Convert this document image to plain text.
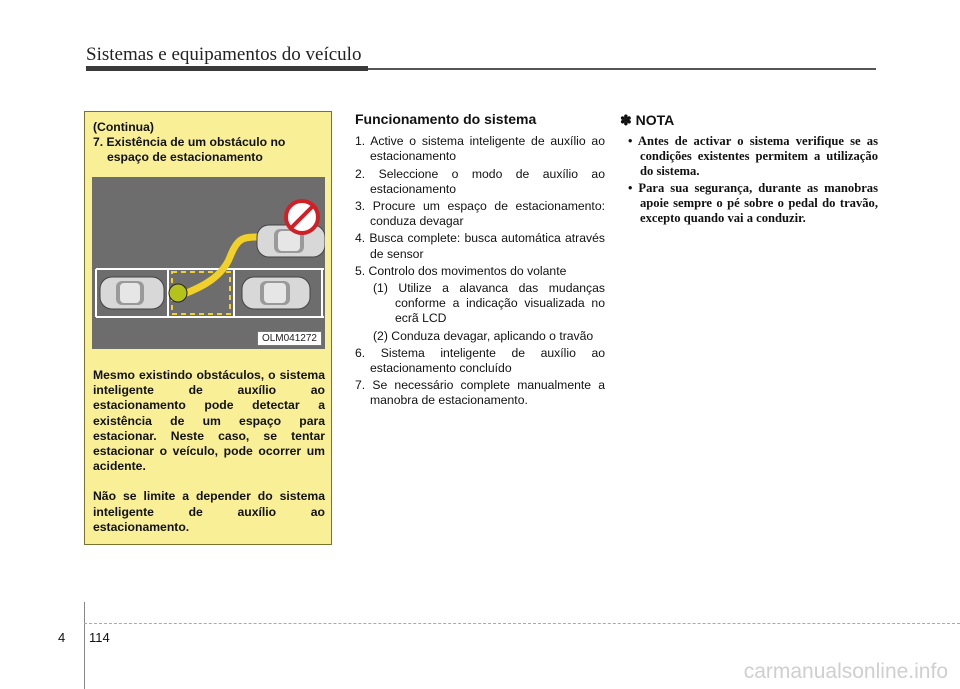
Sistemas e equipamentos do veículo
(Continua)
7. Existência de um obstáculo no espaço de estacionamento
OLM041272

Mesmo existindo obstáculos, o sistema inteligente de auxílio ao estacionamento pode detectar a existência de um espaço para estacionar. Neste caso, se tentar estacionar o veículo, pode ocorrer um acidente.

Não se limite a depender do sistema inteligente de auxílio ao estacionamento.

Funcionamento do sistema
1. Active o sistema inteligente de auxílio ao estacionamento
2. Seleccione o modo de auxílio ao estacionamento
3. Procure um espaço de estacionamento: conduza devagar
4. Busca complete: busca automática através de sensor
5. Controlo dos movimentos do volante
(1) Utilize a alavanca das mudanças conforme a indicação visualizada no ecrã LCD
(2) Conduza devagar, aplicando o travão
6. Sistema inteligente de auxílio ao estacionamento concluído
7. Se necessário complete manualmente a manobra de estacionamento.
✽ NOTA
• Antes de activar o sistema verifique se as condições existentes permitem a utilização do sistema.
• Para sua segurança, durante as manobras apoie sempre o pé sobre o pedal do travão, excepto quando vai a conduzir.
4 114
carmanualsonline.info
